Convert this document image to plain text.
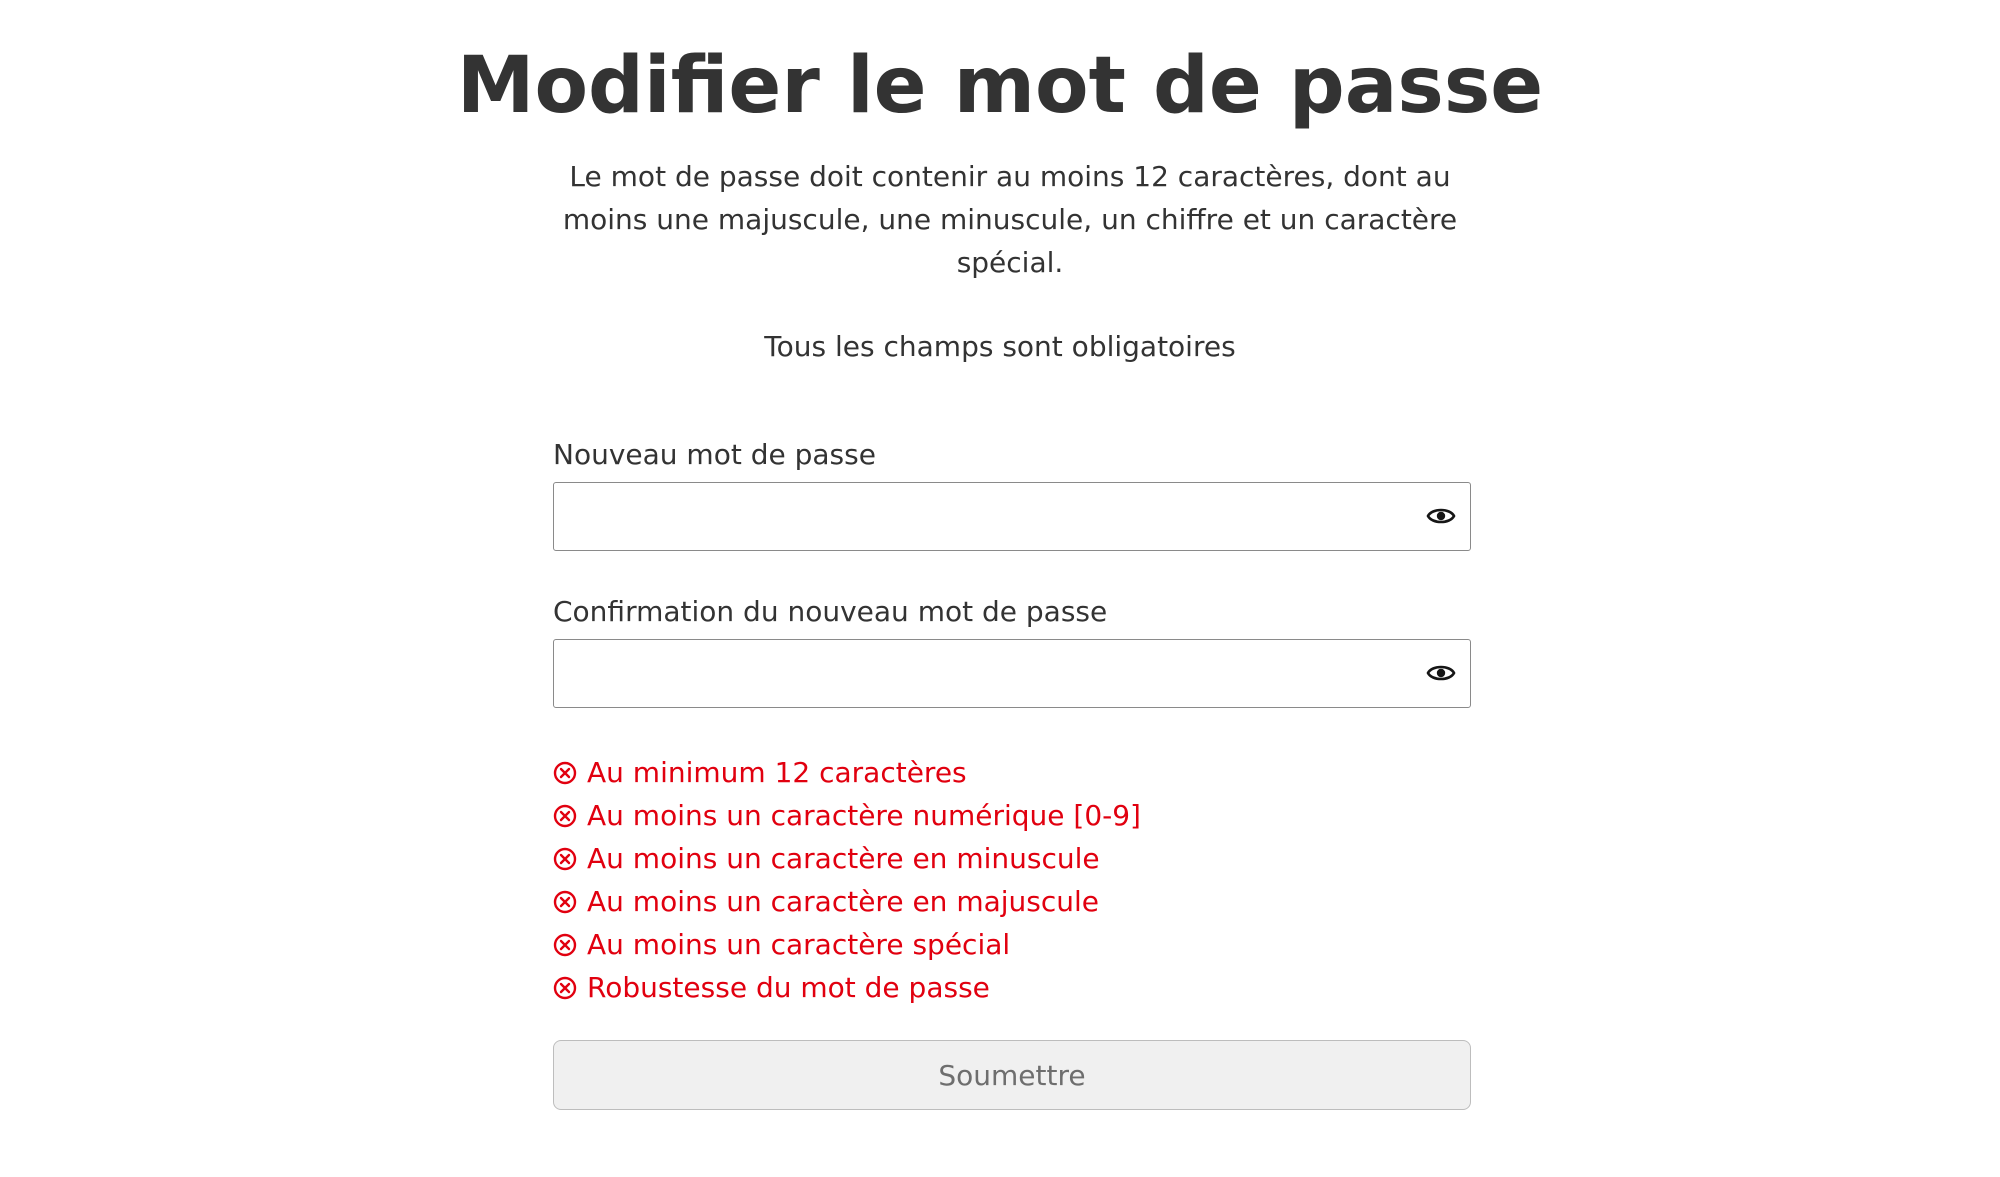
Modifier le mot de passe

Le mot de passe doit contenir au moins 12 caractères, dont au moins une majuscule, une minuscule, un chiffre et un caractère spécial.

Tous les champs sont obligatoires

Nouveau mot de passe
Confirmation du nouveau mot de passe
Au minimum 12 caractères
Au moins un caractère numérique [0-9]
Au moins un caractère en minuscule
Au moins un caractère en majuscule
Au moins un caractère spécial
Robustesse du mot de passe
Soumettre
